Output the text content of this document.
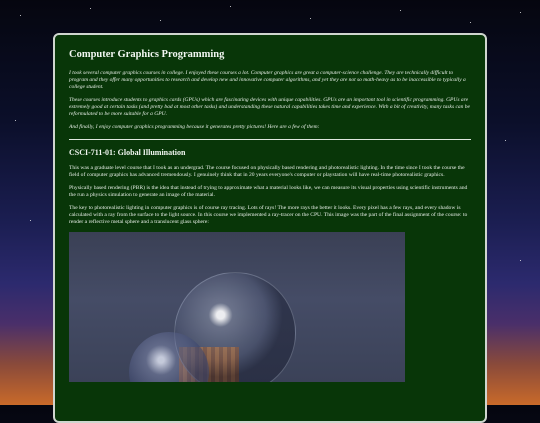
Computer Graphics Programming

I took several computer graphics courses in college. I enjoyed these courses a lot. Computer graphics are great a computer-science challenge. They are technically difficult to program and they offer many opportunities to research and develop new and innovative computer algorithms, and yet they are not so math-heavy as to be inaccessible to typically a college student.

These courses introduce students to graphics cards (GPUs) which are fascinating devices with unique capabilities. GPUs are an important tool in scientific programming. GPUs are extremely good at certain tasks (and pretty bad at most other tasks) and understanding these natural capabilities takes time and experience. With a bit of creativity, many tasks can be reformulated to be more suitable for a GPU.

And finally, I enjoy computer graphics programming because it generates pretty pictures! Here are a few of them:

CSCI-711-01: Global Illumination

This was a graduate level course that I took as an undergrad. The course focused on physically based rendering and photorealistic lighting. In the time since I took the course the field of computer graphics has advanced tremendously. I genuinely think that in 20 years everyone's computer or playstation will have real-time photorealistic graphics.

Physically based rendering (PBR) is the idea that instead of trying to approximate what a material looks like, we can measure its visual properties using scientific instruments and the run a physics simulation to generate an image of the material.

The key to photorealistic lighting in computer graphics is of course ray tracing. Lots of rays! The more rays the better it looks. Every pixel has a few rays, and every shadow is calculated with a ray from the surface to the light source. In this course we implemented a ray-tracer on the CPU. This image was the part of the final assignment of the course: to render a reflective metal sphere and a translucent glass sphere:
